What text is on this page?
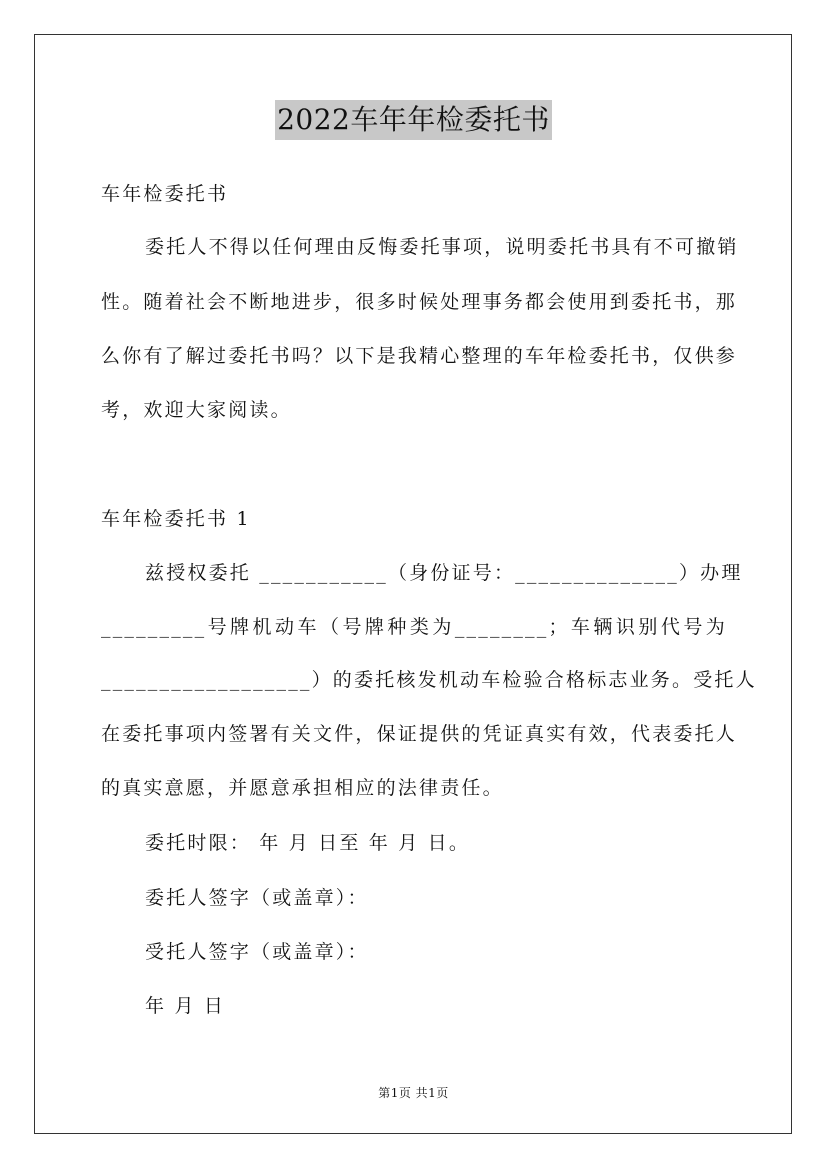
2022车年年检委托书
车年检委托书
委托人不得以任何理由反悔委托事项，说明委托书具有不可撤销
性。随着社会不断地进步，很多时候处理事务都会使用到委托书，那
么你有了解过委托书吗？以下是我精心整理的车年检委托书，仅供参
考，欢迎大家阅读。
车年检委托书 1
兹授权委托 ___________（身份证号：______________）办理
_________号牌机动车（号牌种类为________；车辆识别代号为
__________________）的委托核发机动车检验合格标志业务。受托人
在委托事项内签署有关文件，保证提供的凭证真实有效，代表委托人
的真实意愿，并愿意承担相应的法律责任。
委托时限： 年 月 日至 年 月 日。
委托人签字（或盖章）：
受托人签字（或盖章）：
年 月 日
第1页 共1页
